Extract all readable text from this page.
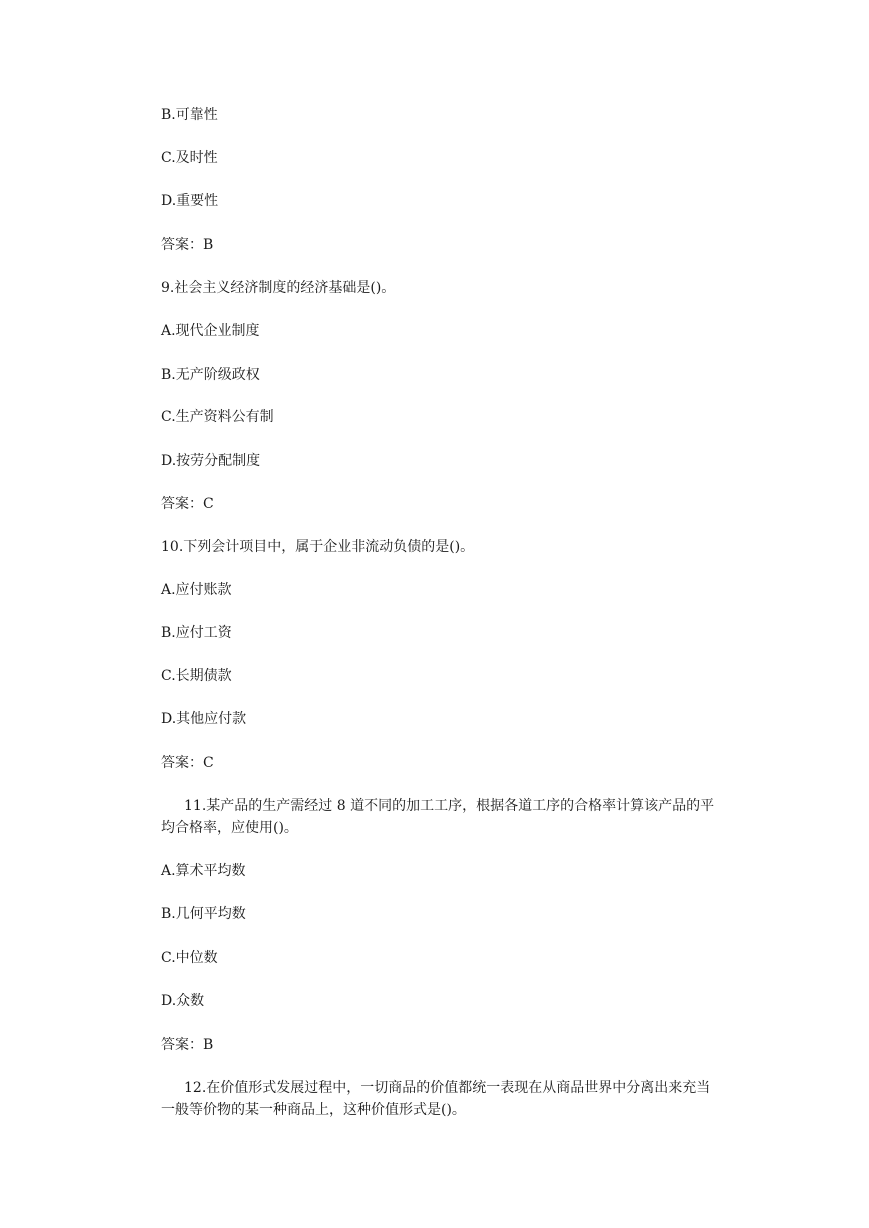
B.可靠性
C.及时性
D.重要性
答案：B
9.社会主义经济制度的经济基础是()。
A.现代企业制度
B.无产阶级政权
C.生产资料公有制
D.按劳分配制度
答案：C
10.下列会计项目中，属于企业非流动负债的是()。
A.应付账款
B.应付工资
C.长期债款
D.其他应付款
答案：C
11.某产品的生产需经过 8 道不同的加工工序，根据各道工序的合格率计算该产品的平
均合格率，应使用()。
A.算术平均数
B.几何平均数
C.中位数
D.众数
答案：B
12.在价值形式发展过程中，一切商品的价值都统一表现在从商品世界中分离出来充当
一般等价物的某一种商品上，这种价值形式是()。
